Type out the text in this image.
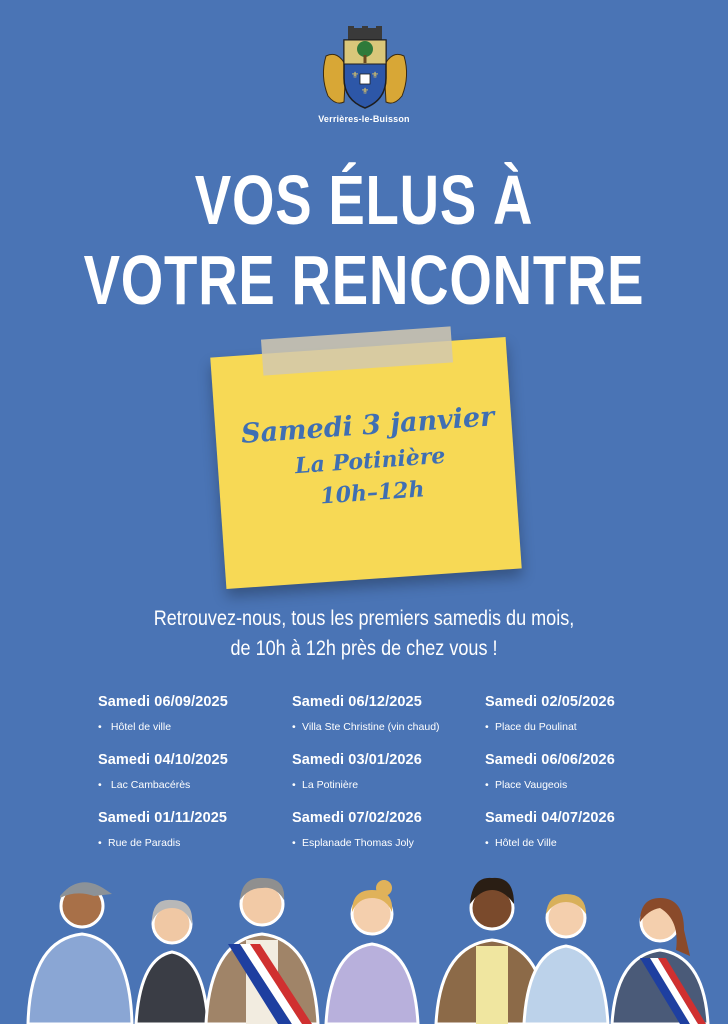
⚜ ⚜
⚜
Verrières-le-Buisson
VOS ÉLUS À
VOTRE RENCONTRE
Samedi 3 janvier
La Potinière
10h–12h
Retrouvez-nous, tous les premiers samedis du mois,
de 10h à 12h près de chez vous !
Samedi 06/09/2025
• Hôtel de ville
Samedi 04/10/2025
• Lac Cambacérès
Samedi 01/11/2025
• Rue de Paradis
Samedi 06/12/2025
• Villa Ste Christine (vin chaud)
Samedi 03/01/2026
• La Potinière
Samedi 07/02/2026
• Esplanade Thomas Joly
Samedi 02/05/2026
• Place du Poulinat
Samedi 06/06/2026
• Place Vaugeois
Samedi 04/07/2026
• Hôtel de Ville
